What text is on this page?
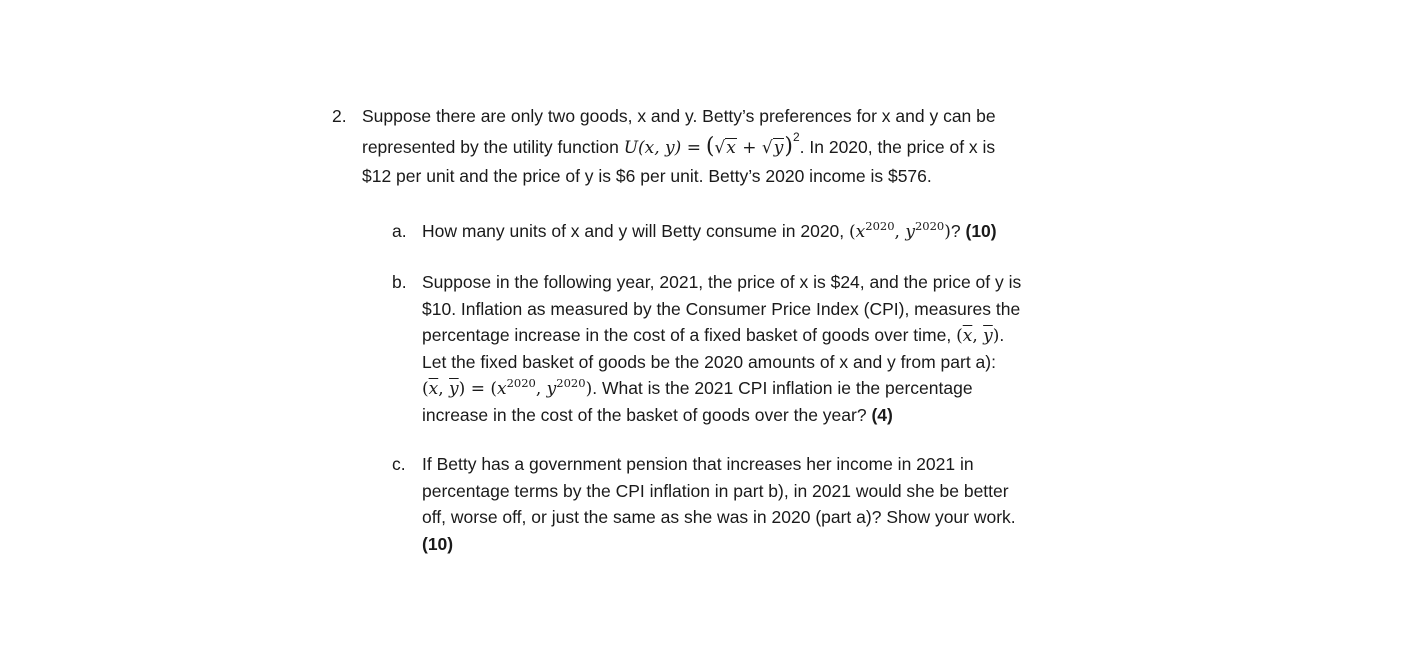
2. Suppose there are only two goods, x and y. Betty’s preferences for x and y can be
represented by the utility function U(x, $y) = (√x + √y)^2$. In 2020, the price of x is
$12 per unit and the price of y is $6 per unit. Betty’s 2020 income is $576.
a. How many units of x and y will Betty consume in 2020, ($x^{2020}$, $y^{2020}$)? (10)
b. Suppose in the following year, 2021, the price of x is $24, and the price of y is
$10. Inflation as measured by the Consumer Price Index (CPI), measures the
percentage increase in the cost of a fixed basket of goods over time, ($\overline{x}$, $\overline{y}$).
Let the fixed basket of goods be the 2020 amounts of x and y from part a):
($\overline{x}$, $\overline{y}) = (x^{2020}$, $y^{2020}$). What is the 2021 CPI inflation ie the percentage
increase in the cost of the basket of goods over the year? (4)
c. If Betty has a government pension that increases her income in 2021 in
percentage terms by the CPI inflation in part b), in 2021 would she be better
off, worse off, or just the same as she was in 2020 (part a)? Show your work.
(10)
